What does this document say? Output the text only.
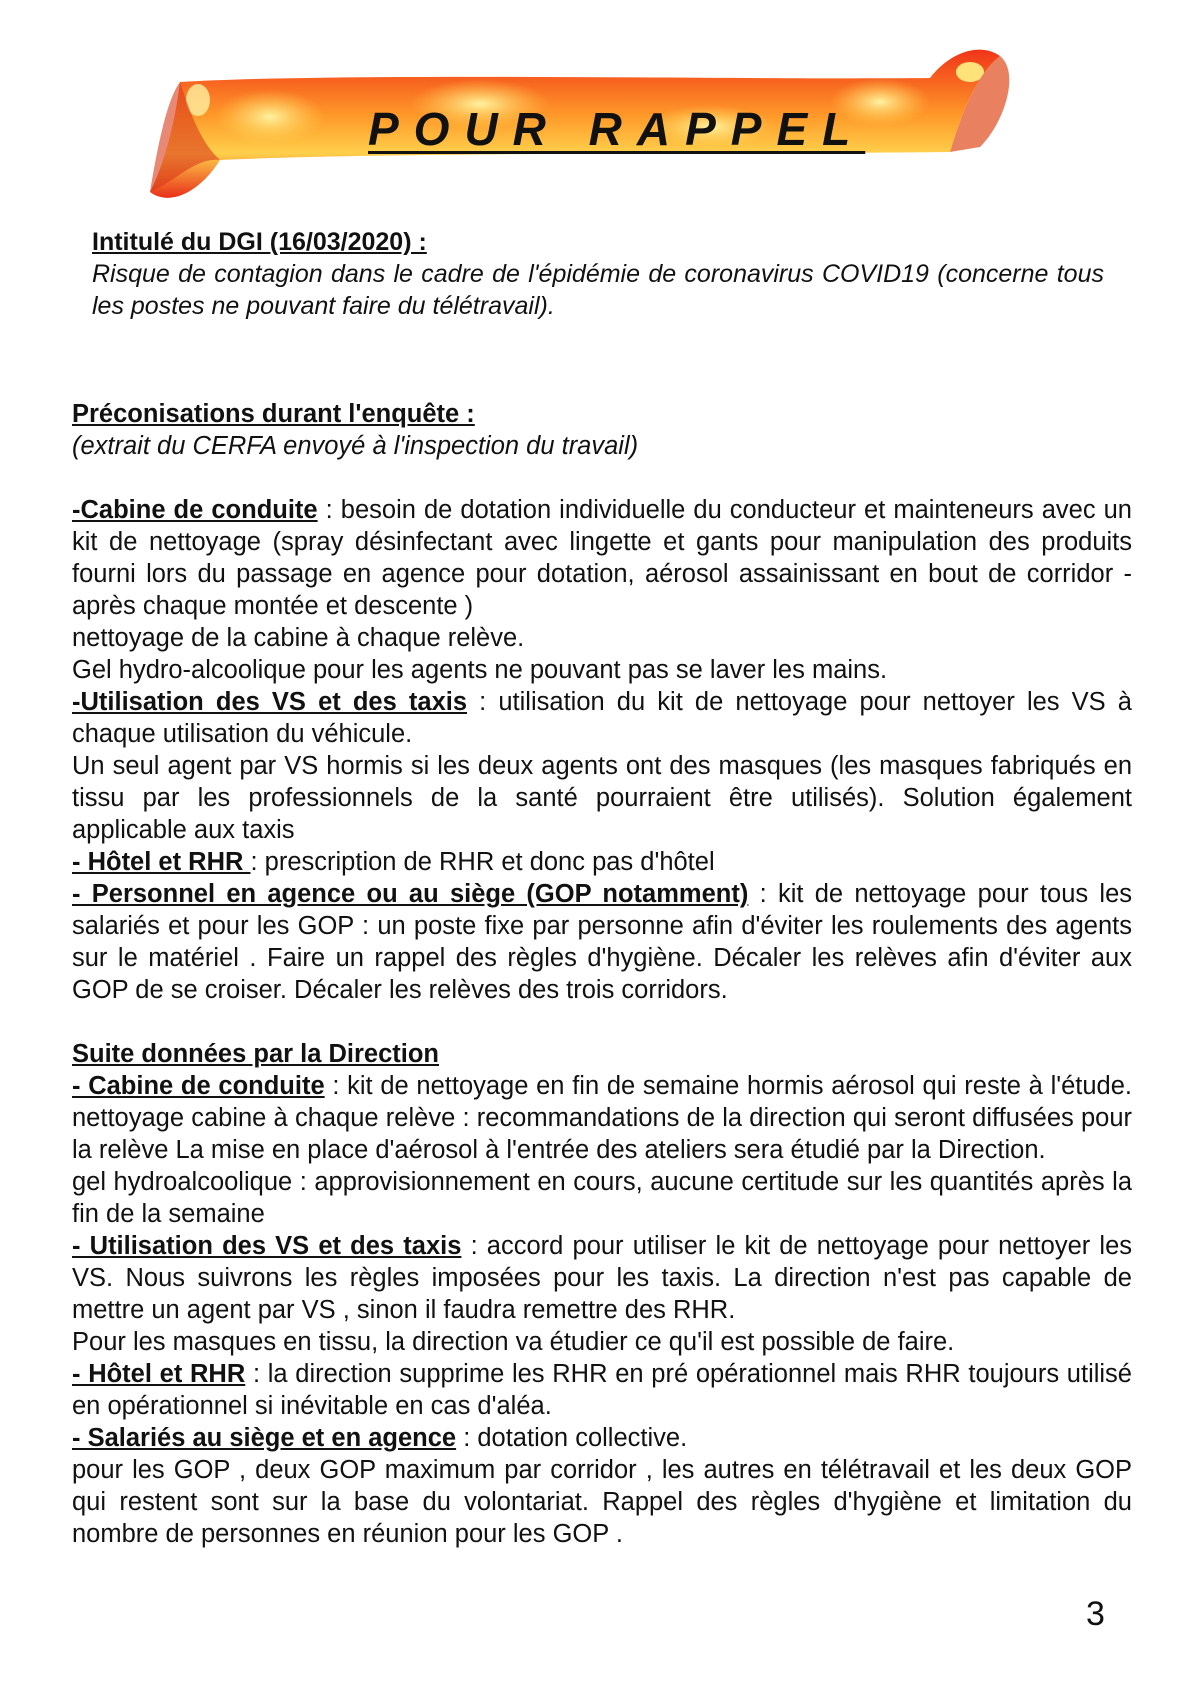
POUR RAPPEL

Intitulé du DGI (16/03/2020) :
Risque de contagion dans le cadre de l'épidémie de coronavirus COVID19 (concerne tous les postes ne pouvant faire du télétravail).

Préconisations durant l'enquête :

(extrait du CERFA envoyé à l'inspection du travail)

-Cabine de conduite : besoin de dotation individuelle du conducteur et mainteneurs avec un kit de nettoyage (spray désinfectant avec lingette et gants pour manipulation des produits fourni lors du passage en agence pour dotation, aérosol assainissant en bout de corridor - après chaque montée et descente )

nettoyage de la cabine à chaque relève.

Gel hydro-alcoolique pour les agents ne pouvant pas se laver les mains.

-Utilisation des VS et des taxis : utilisation du kit de nettoyage pour nettoyer les VS à chaque utilisation du véhicule.

Un seul agent par VS hormis si les deux agents ont des masques (les masques fabriqués en tissu par les professionnels de la santé pourraient être utilisés). Solution également applicable aux taxis

- Hôtel et RHR : prescription de RHR et donc pas d'hôtel

- Personnel en agence ou au siège (GOP notamment) : kit de nettoyage pour tous les salariés et pour les GOP : un poste fixe par personne afin d'éviter les roulements des agents sur le matériel . Faire un rappel des règles d'hygiène. Décaler les relèves afin d'éviter aux GOP de se croiser. Décaler les relèves des trois corridors.

Suite données par la Direction

- Cabine de conduite : kit de nettoyage en fin de semaine hormis aérosol qui reste à l'étude. nettoyage cabine à chaque relève : recommandations de la direction qui seront diffusées pour la relève La mise en place d'aérosol à l'entrée des ateliers sera étudié par la Direction.

gel hydroalcoolique : approvisionnement en cours, aucune certitude sur les quantités après la fin de la semaine

- Utilisation des VS et des taxis : accord pour utiliser le kit de nettoyage pour nettoyer les VS. Nous suivrons les règles imposées pour les taxis. La direction n'est pas capable de mettre un agent par VS , sinon il faudra remettre des RHR.

Pour les masques en tissu, la direction va étudier ce qu'il est possible de faire.

- Hôtel et RHR : la direction supprime les RHR en pré opérationnel mais RHR toujours utilisé en opérationnel si inévitable en cas d'aléa.

- Salariés au siège et en agence : dotation collective.

pour les GOP , deux GOP maximum par corridor , les autres en télétravail et les deux GOP qui restent sont sur la base du volontariat. Rappel des règles d'hygiène et limitation du nombre de personnes en réunion pour les GOP .

3
